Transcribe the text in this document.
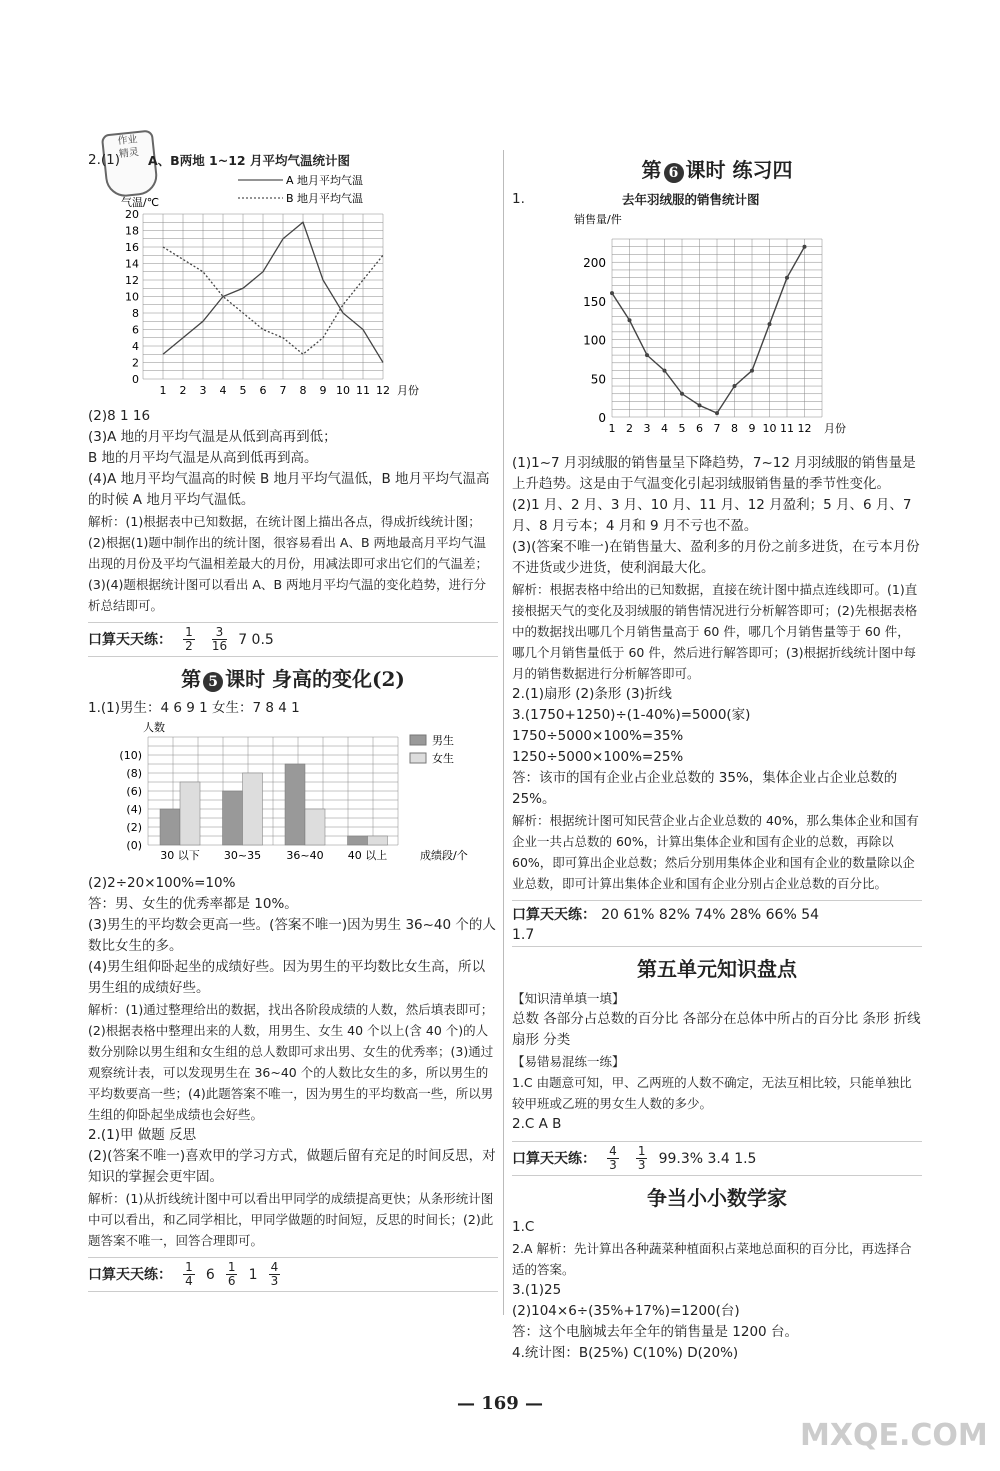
作业
精灵
2.(1) A、B两地 1~12 月平均气温统计图
A 地月平均气温
B 地月平均气温
气温/℃
0
2
4
6
8
10
12
14
16
18
20
1 2 3 4 5 6 7 8 9 10 11 12 月份

(2)8 1 16

(3)A 地的月平均气温是从低到高再到低；

B 地的月平均气温是从高到低再到高。

(4)A 地月平均气温高的时候 B 地月平均气温低，B 地月平均气温高的时候 A 地月平均气温低。

解析：(1)根据表中已知数据，在统计图上描出各点，得成折线统计图；(2)根据(1)题中制作出的统计图，很容易看出 A、B 两地最高月平均气温出现的月份及平均气温相差最大的月份，用减法即可求出它们的气温差；(3)(4)题根据统计图可以看出 A、B 两地月平均气温的变化趋势，进行分析总结即可。

口算天天练： $\frac{1}{2}$
$\frac{3}{16} 7$ 0.5
第 5 课时 身高的变化(2)

1.(1)男生：4 6 9 1 女生：7 8 4 1

人数
(0)
(2)
(4)
(6)
(8)
(10)
30 以下 30~35 36~40 40 以上	成绩段/个
男生
女生

(2)2÷20×100%=10%

答：男、女生的优秀率都是 10%。

(3)男生的平均数会更高一些。(答案不唯一)因为男生 36~40 个的人数比女生的多。

(4)男生组仰卧起坐的成绩好些。因为男生的平均数比女生高，所以男生组的成绩好些。

解析：(1)通过整理给出的数据，找出各阶段成绩的人数，然后填表即可；(2)根据表格中整理出来的人数，用男生、女生 40 个以上(含 40 个)的人数分别除以男生组和女生组的总人数即可求出男、女生的优秀率；(3)通过观察统计表，可以发现男生在 36~40 个的人数比女生的多，所以男生的平均数要高一些；(4)此题答案不唯一，因为男生的平均数高一些，所以男生组的仰卧起坐成绩也会好些。

2.(1)甲 做题 反思

(2)(答案不唯一)喜欢甲的学习方式，做题后留有充足的时间反思，对知识的掌握会更牢固。

解析：(1)从折线统计图中可以看出甲同学的成绩提高更快；从条形统计图中可以看出，和乙同学相比，甲同学做题的时间短，反思的时间长；(2)此题答案不唯一，回答合理即可。

口算天天练： $\frac{1}{4} 6 \frac{1}{6} 1 \frac{4}{3}$
第 6 课时 练习四
1.	去年羽绒服的销售统计图
销售量/件
0
50
100
150
200
1 2 3 4 5 6 7 8 9 10 11 12 月份

(1)1~7 月羽绒服的销售量呈下降趋势，7~12 月羽绒服的销售量是上升趋势。这是由于气温变化引起羽绒服销售量的季节性变化。

(2)1 月、2 月、3 月、10 月、11 月、12 月盈利；5 月、6 月、7 月、8 月亏本；4 月和 9 月不亏也不盈。

(3)(答案不唯一)在销售量大、盈利多的月份之前多进货，在亏本月份不进货或少进货，使利润最大化。

解析：根据表格中给出的已知数据，直接在统计图中描点连线即可。(1)直接根据天气的变化及羽绒服的销售情况进行分析解答即可；(2)先根据表格中的数据找出哪几个月销售量高于 60 件，哪几个月销售量等于 60 件，哪几个月销售量低于 60 件，然后进行解答即可；(3)根据折线统计图中每月的销售数据进行分析解答即可。

2.(1)扇形 (2)条形 (3)折线

3.(1750+1250)÷(1-40%)=5000(家)

1750÷5000×100%=35%

1250÷5000×100%=25%

答：该市的国有企业占企业总数的 35%，集体企业占企业总数的 25%。

解析：根据统计图可知民营企业占企业总数的 40%，那么集体企业和国有企业一共占总数的 60%，计算出集体企业和国有企业的总数，再除以 60%，即可算出企业总数；然后分别用集体企业和国有企业的数量除以企业总数，即可计算出集体企业和国有企业分别占企业总数的百分比。

口算天天练： 20 61% 82% 74% 28% 66% 54
1.7
第五单元知识盘点

【知识清单填一填】

总数 各部分占总数的百分比 各部分在总体中所占的百分比 条形 折线 扇形 分类

【易错易混练一练】

1.C 由题意可知，甲、乙两班的人数不确定，无法互相比较，只能单独比较甲班或乙班的男女生人数的多少。

2.C A B

口算天天练： $\frac{4}{3}$
$\frac{1}{3} 99.3\%$ 3.4 1.5
争当小小数学家

1.C

2.A 解析：先计算出各种蔬菜种植面积占菜地总面积的百分比，再选择合适的答案。

3.(1)25

(2)104×6÷(35%+17%)=1200(台)

答：这个电脑城去年全年的销售量是 1200 台。

4.统计图：B(25%) C(10%) D(20%)

— 169 —
MXQE.COM
